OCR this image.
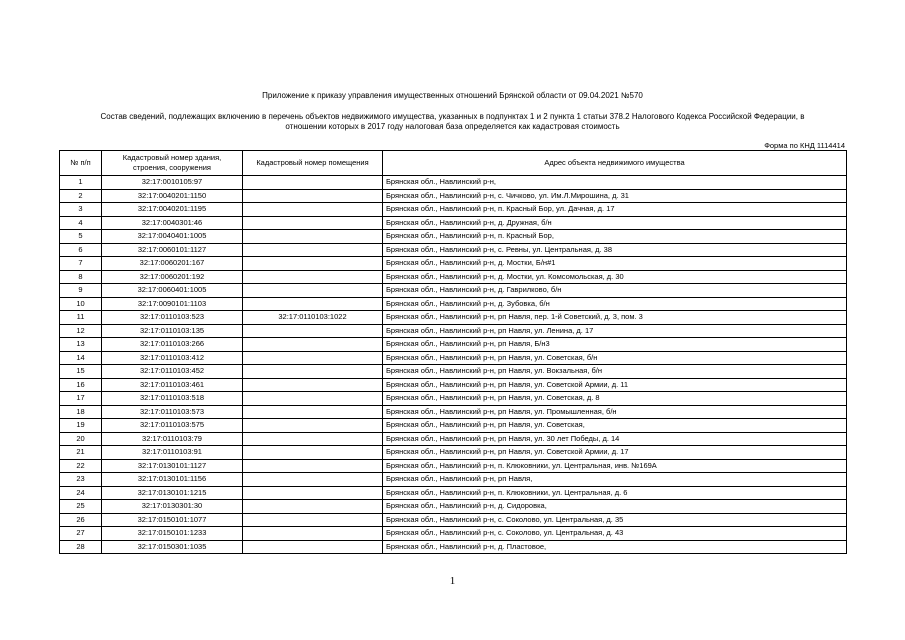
Приложение к приказу управления имущественных отношений Брянской области от 09.04.2021 №570
Состав сведений, подлежащих включению в перечень объектов недвижимого имущества, указанных в подпунктах 1 и 2 пункта 1 статьи 378.2 Налогового Кодекса Российской Федерации, в
отношении которых в 2017 году налоговая база определяется как кадастровая стоимость
Форма по КНД 1114414
№ п/п	Кадастровый номер здания, строения, сооружения	Кадастровый номер помещения	Адрес объекта недвижимого имущества
1	32:17:0010105:97		Брянская обл., Навлинский р-н,
2	32:17:0040201:1150		Брянская обл., Навлинский р-н, с. Чичково, ул. Им.Л.Мирошина, д. 31
3	32:17:0040201:1195		Брянская обл., Навлинский р-н, п. Красный Бор, ул. Дачная, д. 17
4	32:17:0040301:46		Брянская обл., Навлинский р-н, д. Дружная, б/н
5	32:17:0040401:1005		Брянская обл., Навлинский р-н, п. Красный Бор,
6	32:17:0060101:1127		Брянская обл., Навлинский р-н, с. Ревны, ул. Центральная, д. 38
7	32:17:0060201:167		Брянская обл., Навлинский р-н, д. Мостки, Б/н#1
8	32:17:0060201:192		Брянская обл., Навлинский р-н, д. Мостки, ул. Комсомольская, д. 30
9	32:17:0060401:1005		Брянская обл., Навлинский р-н, д. Гаврилково, б/н
10	32:17:0090101:1103		Брянская обл., Навлинский р-н, д. Зубовка, б/н
11	32:17:0110103:523	32:17:0110103:1022	Брянская обл., Навлинский р-н, рп Навля, пер. 1-й Советский, д. 3, пом. 3
12	32:17:0110103:135		Брянская обл., Навлинский р-н, рп Навля, ул. Ленина, д. 17
13	32:17:0110103:266		Брянская обл., Навлинский р-н, рп Навля, Б/н3
14	32:17:0110103:412		Брянская обл., Навлинский р-н, рп Навля, ул. Советская, б/н
15	32:17:0110103:452		Брянская обл., Навлинский р-н, рп Навля, ул. Вокзальная, б/н
16	32:17:0110103:461		Брянская обл., Навлинский р-н, рп Навля, ул. Советской Армии, д. 11
17	32:17:0110103:518		Брянская обл., Навлинский р-н, рп Навля, ул. Советская, д. 8
18	32:17:0110103:573		Брянская обл., Навлинский р-н, рп Навля, ул. Промышленная, б/н
19	32:17:0110103:575		Брянская обл., Навлинский р-н, рп Навля, ул. Советская,
20	32:17:0110103:79		Брянская обл., Навлинский р-н, рп Навля, ул. 30 лет Победы, д. 14
21	32:17:0110103:91		Брянская обл., Навлинский р-н, рп Навля, ул. Советской Армии, д. 17
22	32:17:0130101:1127		Брянская обл., Навлинский р-н, п. Клюковники, ул. Центральная, инв. №169А
23	32:17:0130101:1156		Брянская обл., Навлинский р-н, рп Навля,
24	32:17:0130101:1215		Брянская обл., Навлинский р-н, п. Клюковники, ул. Центральная, д. 6
25	32:17:0130301:30		Брянская обл., Навлинский р-н, д. Сидоровка,
26	32:17:0150101:1077		Брянская обл., Навлинский р-н, с. Соколово, ул. Центральная, д. 35
27	32:17:0150101:1233		Брянская обл., Навлинский р-н, с. Соколово, ул. Центральная, д. 43
28	32:17:0150301:1035		Брянская обл., Навлинский р-н, д. Пластовое,
1
